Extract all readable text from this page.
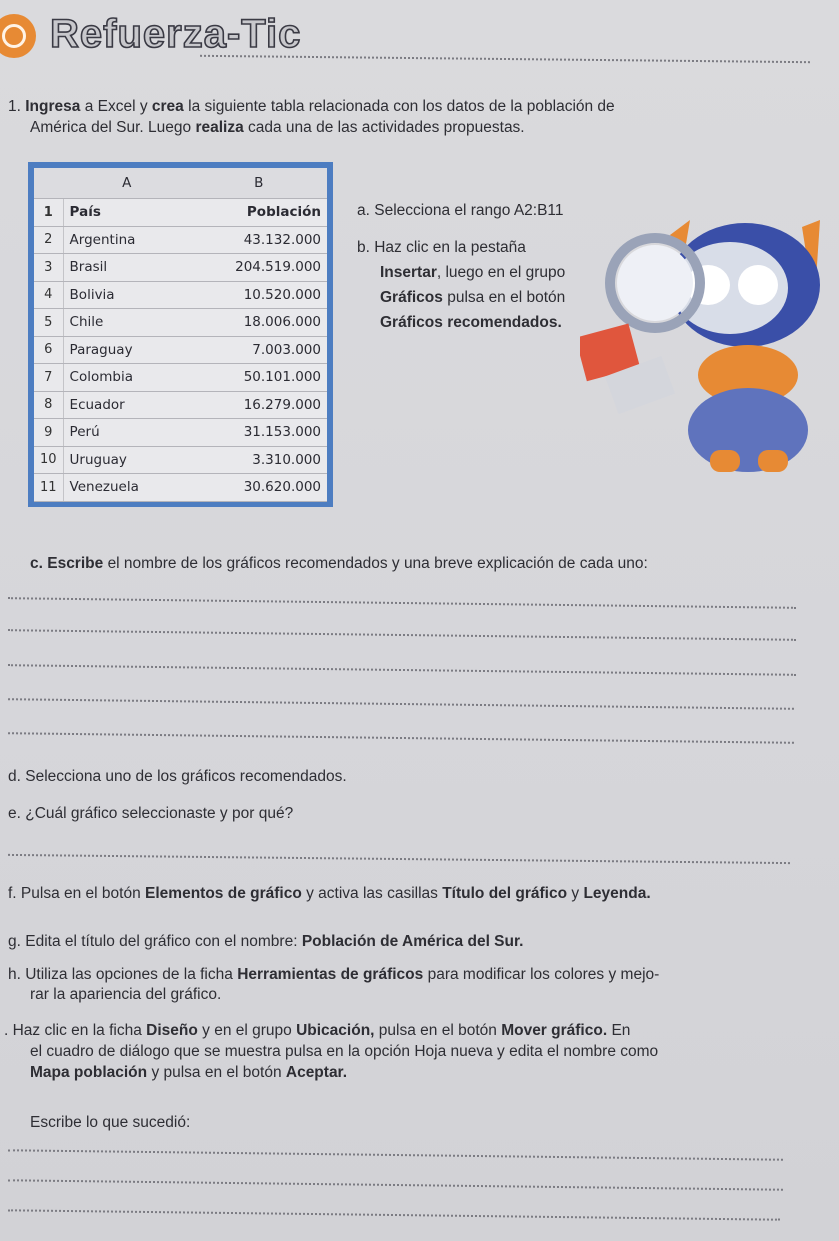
Refuerza-Tic
1. Ingresa a Excel y crea la siguiente tabla relacionada con los datos de la población de
América del Sur. Luego realiza cada una de las actividades propuestas.
	A	B
1	País	Población
2	Argentina	43.132.000
3	Brasil	204.519.000
4	Bolivia	10.520.000
5	Chile	18.006.000
6	Paraguay	7.003.000
7	Colombia	50.101.000
8	Ecuador	16.279.000
9	Perú	31.153.000
10	Uruguay	3.310.000
11	Venezuela	30.620.000
a. Selecciona el rango A2:B11
b. Haz clic en la pestaña
Insertar, luego en el grupo
Gráficos pulsa en el botón
Gráficos recomendados.
c. Escribe el nombre de los gráficos recomendados y una breve explicación de cada uno:
d. Selecciona uno de los gráficos recomendados.
e. ¿Cuál gráfico seleccionaste y por qué?
f. Pulsa en el botón Elementos de gráfico y activa las casillas Título del gráfico y Leyenda.
g. Edita el título del gráfico con el nombre: Población de América del Sur.
h. Utiliza las opciones de la ficha Herramientas de gráficos para modificar los colores y mejo-
rar la apariencia del gráfico.
. Haz clic en la ficha Diseño y en el grupo Ubicación, pulsa en el botón Mover gráfico. En
el cuadro de diálogo que se muestra pulsa en la opción Hoja nueva y edita el nombre como
Mapa población y pulsa en el botón Aceptar.
Escribe lo que sucedió:
